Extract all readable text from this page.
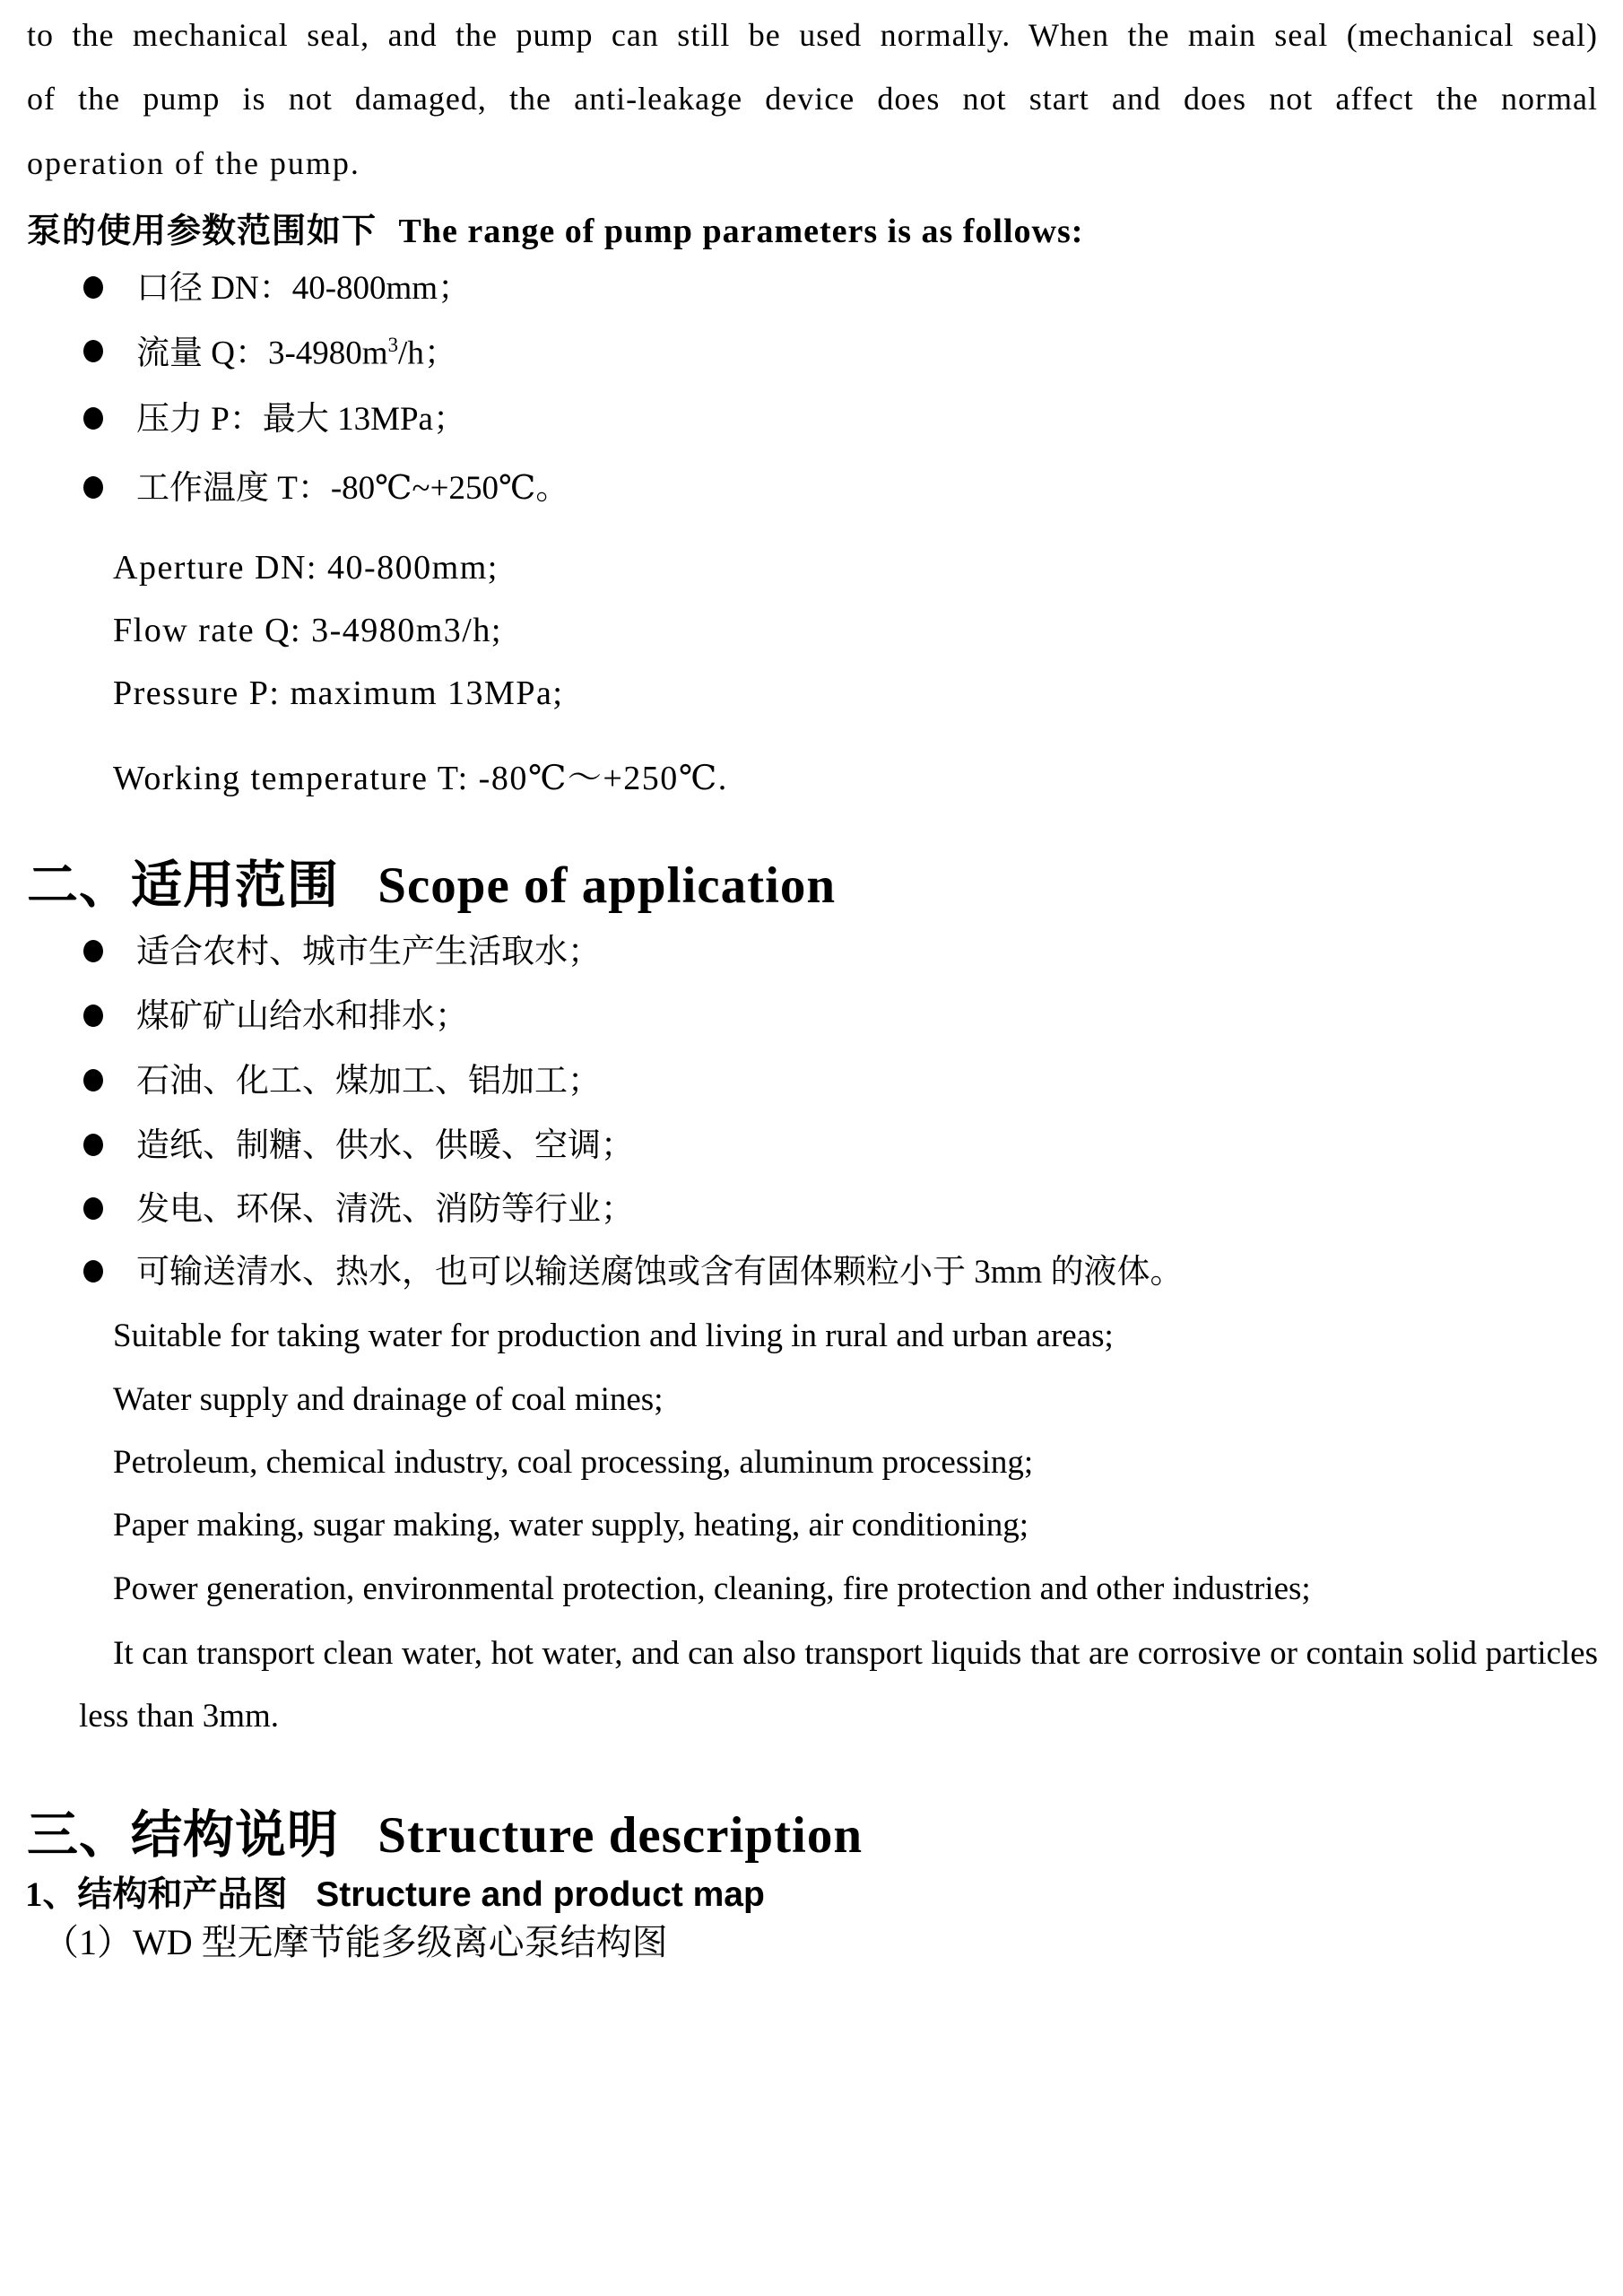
to the mechanical seal, and the pump can still be used normally. When the main seal (mechanical seal)
of the pump is not damaged, the anti-leakage device does not start and does not affect the normal
operation of the pump.
泵的使用参数范围如下 The range of pump parameters is as follows:
口径 DN：40-800mm；
流量 Q：$3-4980m^3/h$；
压力 P：最大 13MPa；
工作温度 T：-80℃~+250℃。
Aperture DN: 40-800mm;
Flow rate Q: 3-4980m3/h;
Pressure P: maximum 13MPa;
Working temperature T: -80℃～+250℃.
二、适用范围 Scope of application
适合农村、城市生产生活取水；
煤矿矿山给水和排水；
石油、化工、煤加工、铝加工；
造纸、制糖、供水、供暖、空调；
发电、环保、清洗、消防等行业；
可输送清水、热水，也可以输送腐蚀或含有固体颗粒小于 3mm 的液体。
Suitable for taking water for production and living in rural and urban areas;
Water supply and drainage of coal mines;
Petroleum, chemical industry, coal processing, aluminum processing;
Paper making, sugar making, water supply, heating, air conditioning;
Power generation, environmental protection, cleaning, fire protection and other industries;
It can transport clean water, hot water, and can also transport liquids that are corrosive or contain solid particles
less than 3mm.
三、结构说明 Structure description
1、结构和产品图 Structure and product map
（1）WD 型无摩节能多级离心泵结构图
